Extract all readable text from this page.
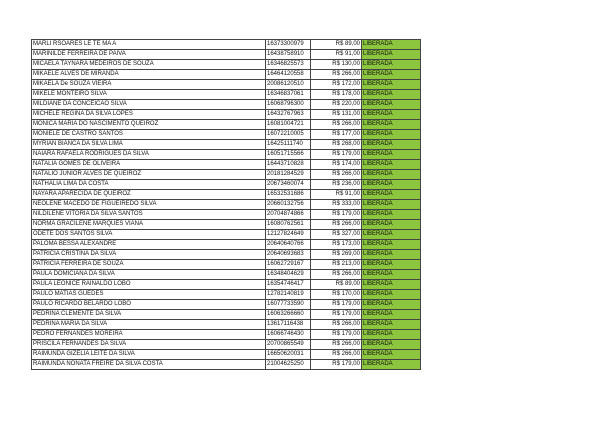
MARLI RSOARES LE TE MA A	16373300979	R$ 89,00	LIBERADA
MARINILDE FERREIRA DE PAIVA	16438758910	R$ 91,00	LIBERADA
MICAELA TAYNARA MEDEIROS DE SOUZA	16346825573	R$ 130,00	LIBERADA
MIKAELE ALVES DE MIRANDA	16464120558	R$ 266,00	LIBERADA
MIKAELA De SOUZA VIEIRA	20086120510	R$ 172,00	LIBERADA
MIKELE MONTEIRO SILVA	16346837061	R$ 178,00	LIBERADA
MILDIANE DA CONCEICAO SILVA	16068796300	R$ 220,00	LIBERADA
MICHELE REGINA DA SILVA LOPES	16432767963	R$ 131,00	LIBERADA
MONICA MARIA DO NASCIMENTO QUEIROZ	16081004721	R$ 266,00	LIBERADA
MONIELE DE CASTRO SANTOS	16072210005	R$ 177,00	LIBERADA
MYRIAN BIANCA DA SILVA LIMA	16425111740	R$ 268,00	LIBERADA
NAIARA RAFAELA RODRIGUES DA SILVA	16051715566	R$ 179,00	LIBERADA
NATALIA GOMES DE OLIVEIRA	16443710828	R$ 174,00	LIBERADA
NATALIO JUNIOR ALVES DE QUEIROZ	20181284529	R$ 266,00	LIBERADA
NATHALIA LIMA DA COSTA	20673460074	R$ 236,00	LIBERADA
NAYARA APARECIDA DE QUEIROZ	16532531686	R$ 91,00	LIBERADA
NEOLENE MACEDO DE FIGUEIREDO SILVA	20660132756	R$ 333,00	LIBERADA
NILDILENE VITORIA DA SILVA SANTOS	20704874866	R$ 179,00	LIBERADA
NORMA GRACILENE MARQUES VIANA	16080762561	R$ 266,00	LIBERADA
ODETE DOS SANTOS SILVA	12127824649	R$ 327,00	LIBERADA
PALOMA BESSA ALEXANDRE	20640640766	R$ 173,00	LIBERADA
PATRICIA CRISTINA DA SILVA	20640693683	R$ 269,00	LIBERADA
PATRICIA FERREIRA DE SOUZA	16062729167	R$ 213,00	LIBERADA
PAULA DOMICIANA DA SILVA	16348404629	R$ 266,00	LIBERADA
PAULA LEONICE RAINALDO LOBO	16354746417	R$ 89,00	LIBERADA
PAULO MATIAS GUEDES	12782140819	R$ 170,00	LIBERADA
PAULO RICARDO BELARDO LOBO	16077733590	R$ 179,00	LIBERADA
PEDRINA CLEMENTE DA SILVA	16063266660	R$ 179,00	LIBERADA
PEDRINA MARIA DA SILVA	13617116438	R$ 266,00	LIBERADA
PEDRO FERNANDES MOREIRA	16066746430	R$ 179,00	LIBERADA
PRISCILA FERNANDES DA SILVA	20700865549	R$ 266,00	LIBERADA
RAIMUNDA GIZELIA LEITE DA SILVA	16650620031	R$ 266,00	LIBERADA
RAIMUNDA NONATA FREIRE DA SILVA COSTA	21004625250	R$ 179,00	LIBERADA
